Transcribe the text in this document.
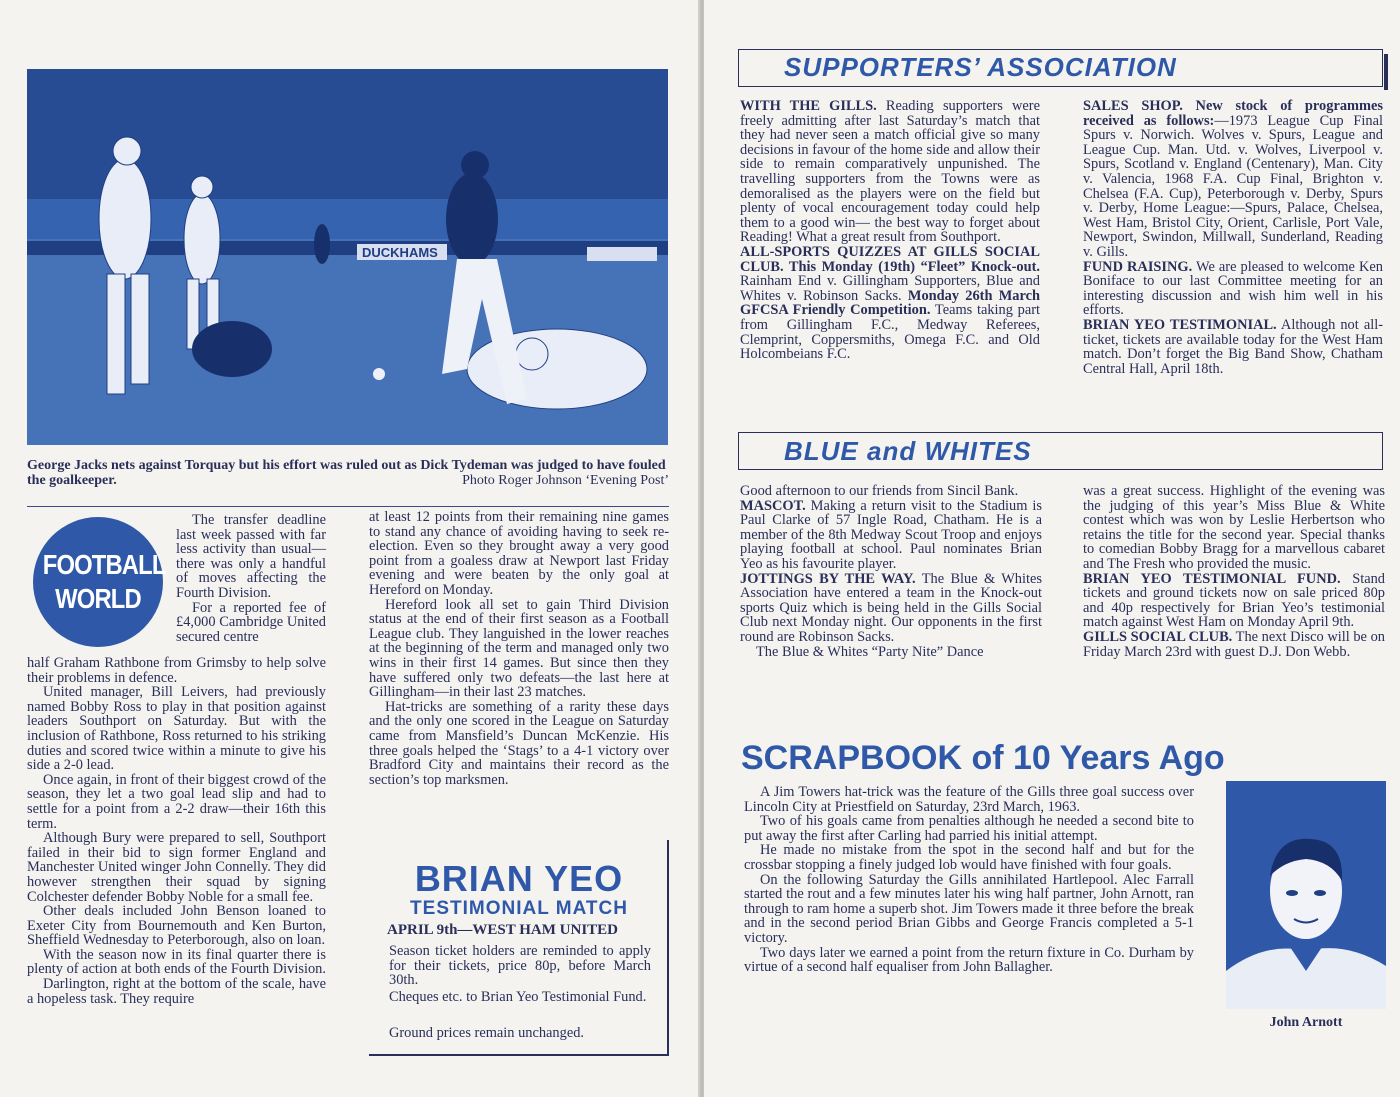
DUCKHAMS
George Jacks nets against Torquay but his effort was ruled out as Dick Tydeman was judged to have fouled the goalkeeper.	Photo Roger Johnson ‘Evening Post’
FOOTBALL
WORLD

The transfer deadline last week passed with far less activity than usual—there was only a handful of moves affecting the Fourth Division.

For a reported fee of £4,000 Cambridge United secured centre

half Graham Rathbone from Grimsby to help solve their problems in defence.

United manager, Bill Leivers, had previously named Bobby Ross to play in that position against leaders Southport on Saturday. But with the inclusion of Rathbone, Ross returned to his striking duties and scored twice within a minute to give his side a 2-0 lead.

Once again, in front of their biggest crowd of the season, they let a two goal lead slip and had to settle for a point from a 2-2 draw—their 16th this term.

Although Bury were prepared to sell, Southport failed in their bid to sign former England and Manchester United winger John Connelly. They did however strengthen their squad by signing Colchester defender Bobby Noble for a small fee.

Other deals included John Benson loaned to Exeter City from Bournemouth and Ken Burton, Sheffield Wednesday to Peterborough, also on loan.

With the season now in its final quarter there is plenty of action at both ends of the Fourth Division.

Darlington, right at the bottom of the scale, have a hopeless task. They require

at least 12 points from their remaining nine games to stand any chance of avoiding having to seek re-election. Even so they brought away a very good point from a goaless draw at Newport last Friday evening and were beaten by the only goal at Hereford on Monday.

Hereford look all set to gain Third Division status at the end of their first season as a Football League club. They languished in the lower reaches at the beginning of the term and managed only two wins in their first 14 games. But since then they have suffered only two defeats—the last here at Gillingham—in their last 23 matches.

Hat-tricks are something of a rarity these days and the only one scored in the League on Saturday came from Mansfield’s Duncan McKenzie. His three goals helped the ‘Stags’ to a 4-1 victory over Bradford City and maintains their record as the section’s top marksmen.

BRIAN YEO
TESTIMONIAL MATCH
APRIL 9th—WEST HAM UNITED

Season ticket holders are reminded to apply for their tickets, price 80p, before March 30th.

Cheques etc. to Brian Yeo Testimonial Fund.

Ground prices remain unchanged.

SUPPORTERS’ ASSOCIATION

WITH THE GILLS. Reading supporters were freely admitting after last Saturday’s match that they had never seen a match official give so many decisions in favour of the home side and allow their side to remain comparatively unpunished. The travelling supporters from the Towns were as demoralised as the players were on the field but plenty of vocal encouragement today could help them to a good win— the best way to forget about Reading! What a great result from Southport.

ALL-SPORTS QUIZZES AT GILLS SOCIAL CLUB. This Monday (19th) “Fleet” Knock-out. Rainham End v. Gillingham Supporters, Blue and Whites v. Robinson Sacks. Monday 26th March GFCSA Friendly Competition. Teams taking part from Gillingham F.C., Medway Referees, Clemprint, Coppersmiths, Omega F.C. and Old Holcombeians F.C.

SALES SHOP. New stock of programmes received as follows:—1973 League Cup Final Spurs v. Norwich. Wolves v. Spurs, League and League Cup. Man. Utd. v. Wolves, Liverpool v. Spurs, Scotland v. England (Centenary), Man. City v. Valencia, 1968 F.A. Cup Final, Brighton v. Chelsea (F.A. Cup), Peterborough v. Derby, Spurs v. Derby, Home League:—Spurs, Palace, Chelsea, West Ham, Bristol City, Orient, Carlisle, Port Vale, Newport, Swindon, Millwall, Sunderland, Reading v. Gills.

FUND RAISING. We are pleased to welcome Ken Boniface to our last Committee meeting for an interesting discussion and wish him well in his efforts.

BRIAN YEO TESTIMONIAL. Although not all-ticket, tickets are available today for the West Ham match. Don’t forget the Big Band Show, Chatham Central Hall, April 18th.

BLUE and WHITES

Good afternoon to our friends from Sincil Bank.

MASCOT. Making a return visit to the Stadium is Paul Clarke of 57 Ingle Road, Chatham. He is a member of the 8th Medway Scout Troop and enjoys playing football at school. Paul nominates Brian Yeo as his favourite player.

JOTTINGS BY THE WAY. The Blue & Whites Association have entered a team in the Knock-out sports Quiz which is being held in the Gills Social Club next Monday night. Our opponents in the first round are Robinson Sacks.

The Blue & Whites “Party Nite” Dance

was a great success. Highlight of the evening was the judging of this year’s Miss Blue & White contest which was won by Leslie Herbertson who retains the title for the second year. Special thanks to comedian Bobby Bragg for a marvellous cabaret and The Fresh who provided the music.

BRIAN YEO TESTIMONIAL FUND. Stand tickets and ground tickets now on sale priced 80p and 40p respectively for Brian Yeo’s testimonial match against West Ham on Monday April 9th.

GILLS SOCIAL CLUB. The next Disco will be on Friday March 23rd with guest D.J. Don Webb.

SCRAPBOOK of 10 Years Ago

A Jim Towers hat-trick was the feature of the Gills three goal success over Lincoln City at Priestfield on Saturday, 23rd March, 1963.

Two of his goals came from penalties although he needed a second bite to put away the first after Carling had parried his initial attempt.

He made no mistake from the spot in the second half and but for the crossbar stopping a finely judged lob would have finished with four goals.

On the following Saturday the Gills annihilated Hartlepool. Alec Farrall started the rout and a few minutes later his wing half partner, John Arnott, ran through to ram home a superb shot. Jim Towers made it three before the break and in the second period Brian Gibbs and George Francis completed a 5-1 victory.

Two days later we earned a point from the return fixture in Co. Durham by virtue of a second half equaliser from John Ballagher.

John Arnott
